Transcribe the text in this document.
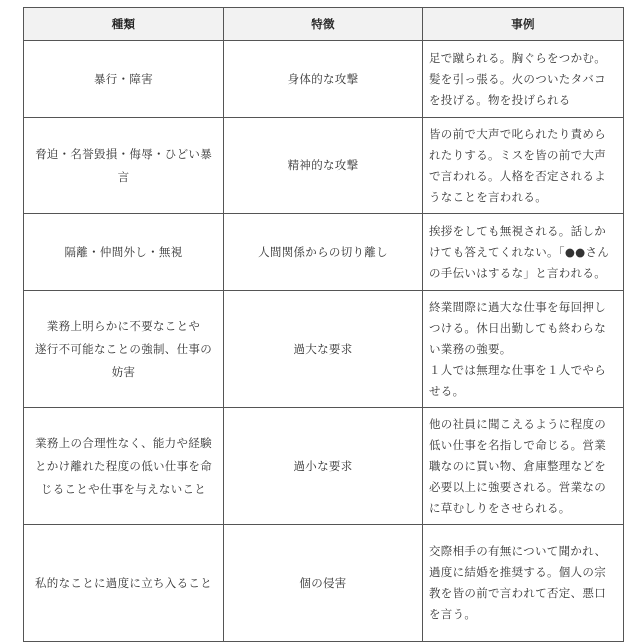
種類	特徴	事例

暴行・障害	身体的な攻撃	足で蹴られる。胸ぐらをつかむ。
髪を引っ張る。火のついたタバコ
を投げる。物を投げられる

脅迫・名誉毀損・侮辱・ひどい暴
言	精神的な攻撃	皆の前で大声で叱られたり責めら
れたりする。ミスを皆の前で大声
で言われる。人格を否定されるよ
うなことを言われる。

隔離・仲間外し・無視	人間関係からの切り離し	挨拶をしても無視される。話しか
けても答えてくれない。「●●さん
の手伝いはするな」と言われる。

業務上明らかに不要なことや
遂行不可能なことの強制、仕事の
妨害	過大な要求	終業間際に過大な仕事を毎回押し
つける。休日出勤しても終わらな
い業務の強要。
１人では無理な仕事を１人でやら
せる。

業務上の合理性なく、能力や経験
とかけ離れた程度の低い仕事を命
じることや仕事を与えないこと	過小な要求	他の社員に聞こえるように程度の
低い仕事を名指しで命じる。営業
職なのに買い物、倉庫整理などを
必要以上に強要される。営業なの
に草むしりをさせられる。

私的なことに過度に立ち入ること	個の侵害	交際相手の有無について聞かれ、
過度に結婚を推奨する。個人の宗
教を皆の前で言われて否定、悪口
を言う。
